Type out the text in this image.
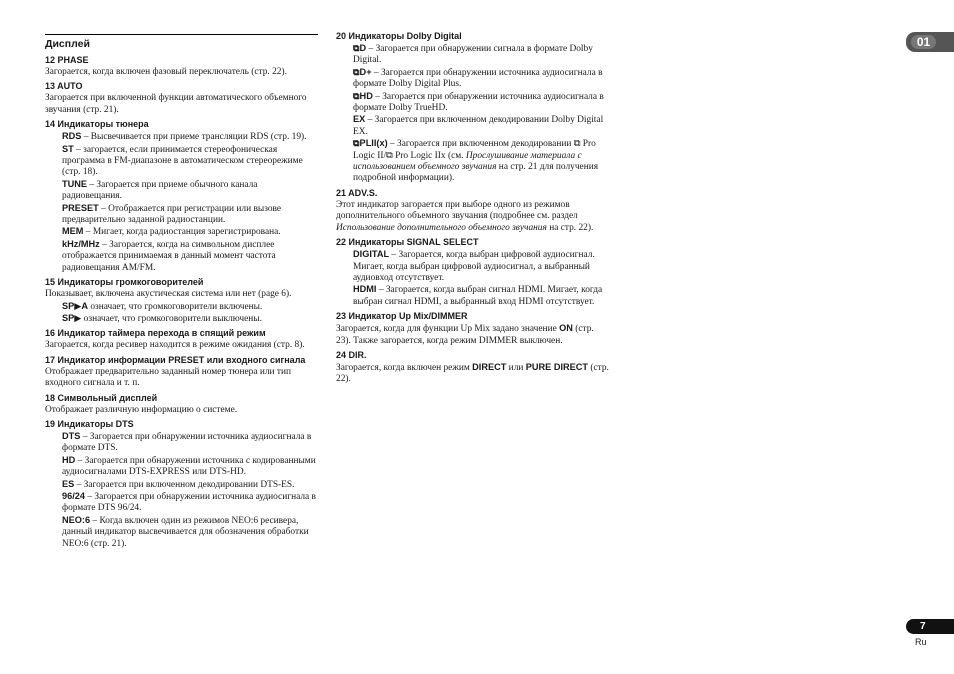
Дисплей
12 PHASE

Загорается, когда включен фазовый переключатель (стр. 22).

13 AUTO

Загорается при включенной функции автоматического объемного звучания (стр. 21).

14 Индикаторы тюнера

RDS – Высвечивается при приеме трансляции RDS (стр. 19).

ST – загорается, если принимается стереофоническая программа в FM-диапазоне в автоматическом стереорежиме (стр. 18).

TUNE – Загорается при приеме обычного канала радиовещания.

PRESET – Отображается при регистрации или вызове предварительно заданной радиостанции.

MEM – Мигает, когда радиостанция зарегистрирована.

kHz/MHz – Загорается, когда на символьном дисплее отображается принимаемая в данный момент частота радиовещания AM/FM.

15 Индикаторы громкоговорителей

Показывает, включена акустическая система или нет (page 6).

SP▶A означает, что громкоговорители включены.

SP▶ означает, что громкоговорители выключены.

16 Индикатор таймера перехода в спящий режим

Загорается, когда ресивер находится в режиме ожидания (стр. 8).

17 Индикатор информации PRESET или входного сигнала

Отображает предварительно заданный номер тюнера или тип входного сигнала и т. п.

18 Символьный дисплей

Отображает различную информацию о системе.

19 Индикаторы DTS

DTS – Загорается при обнаружении источника аудиосигнала в формате DTS.

HD – Загорается при обнаружении источника с кодированными аудиосигналами DTS-EXPRESS или DTS-HD.

ES – Загорается при включенном декодировании DTS-ES.

96/24 – Загорается при обнаружении источника аудиосигнала в формате DTS 96/24.

NEO:6 – Когда включен один из режимов NEO:6 ресивера, данный индикатор высвечивается для обозначения обработки NEO:6 (стр. 21).

20 Индикаторы Dolby Digital

⧉D – Загорается при обнаружении сигнала в формате Dolby Digital.

⧉D+ – Загорается при обнаружении источника аудиосигнала в формате Dolby Digital Plus.

⧉HD – Загорается при обнаружении источника аудиосигнала в формате Dolby TrueHD.

EX – Загорается при включенном декодировании Dolby Digital EX.

⧉PLII(x) – Загорается при включенном декодировании ⧉ Pro Logic II/⧉ Pro Logic IIx (см. Прослушивание материала с использованием объемного звучания на стр. 21 для получения подробной информации).

21 ADV.S.

Этот индикатор загорается при выборе одного из режимов дополнительного объемного звучания (подробнее см. раздел Использование дополнительного объемного звучания на стр. 22).

22 Индикаторы SIGNAL SELECT

DIGITAL – Загорается, когда выбран цифровой аудиосигнал. Мигает, когда выбран цифровой аудиосигнал, а выбранный аудиовход отсутствует.

HDMI – Загорается, когда выбран сигнал HDMI. Мигает, когда выбран сигнал HDMI, а выбранный вход HDMI отсутствует.

23 Индикатор Up Mix/DIMMER

Загорается, когда для функции Up Mix задано значение ON (стр. 23). Также загорается, когда режим DIMMER выключен.

24 DIR.

Загорается, когда включен режим DIRECT или PURE DIRECT (стр. 22).

01
7
Ru
